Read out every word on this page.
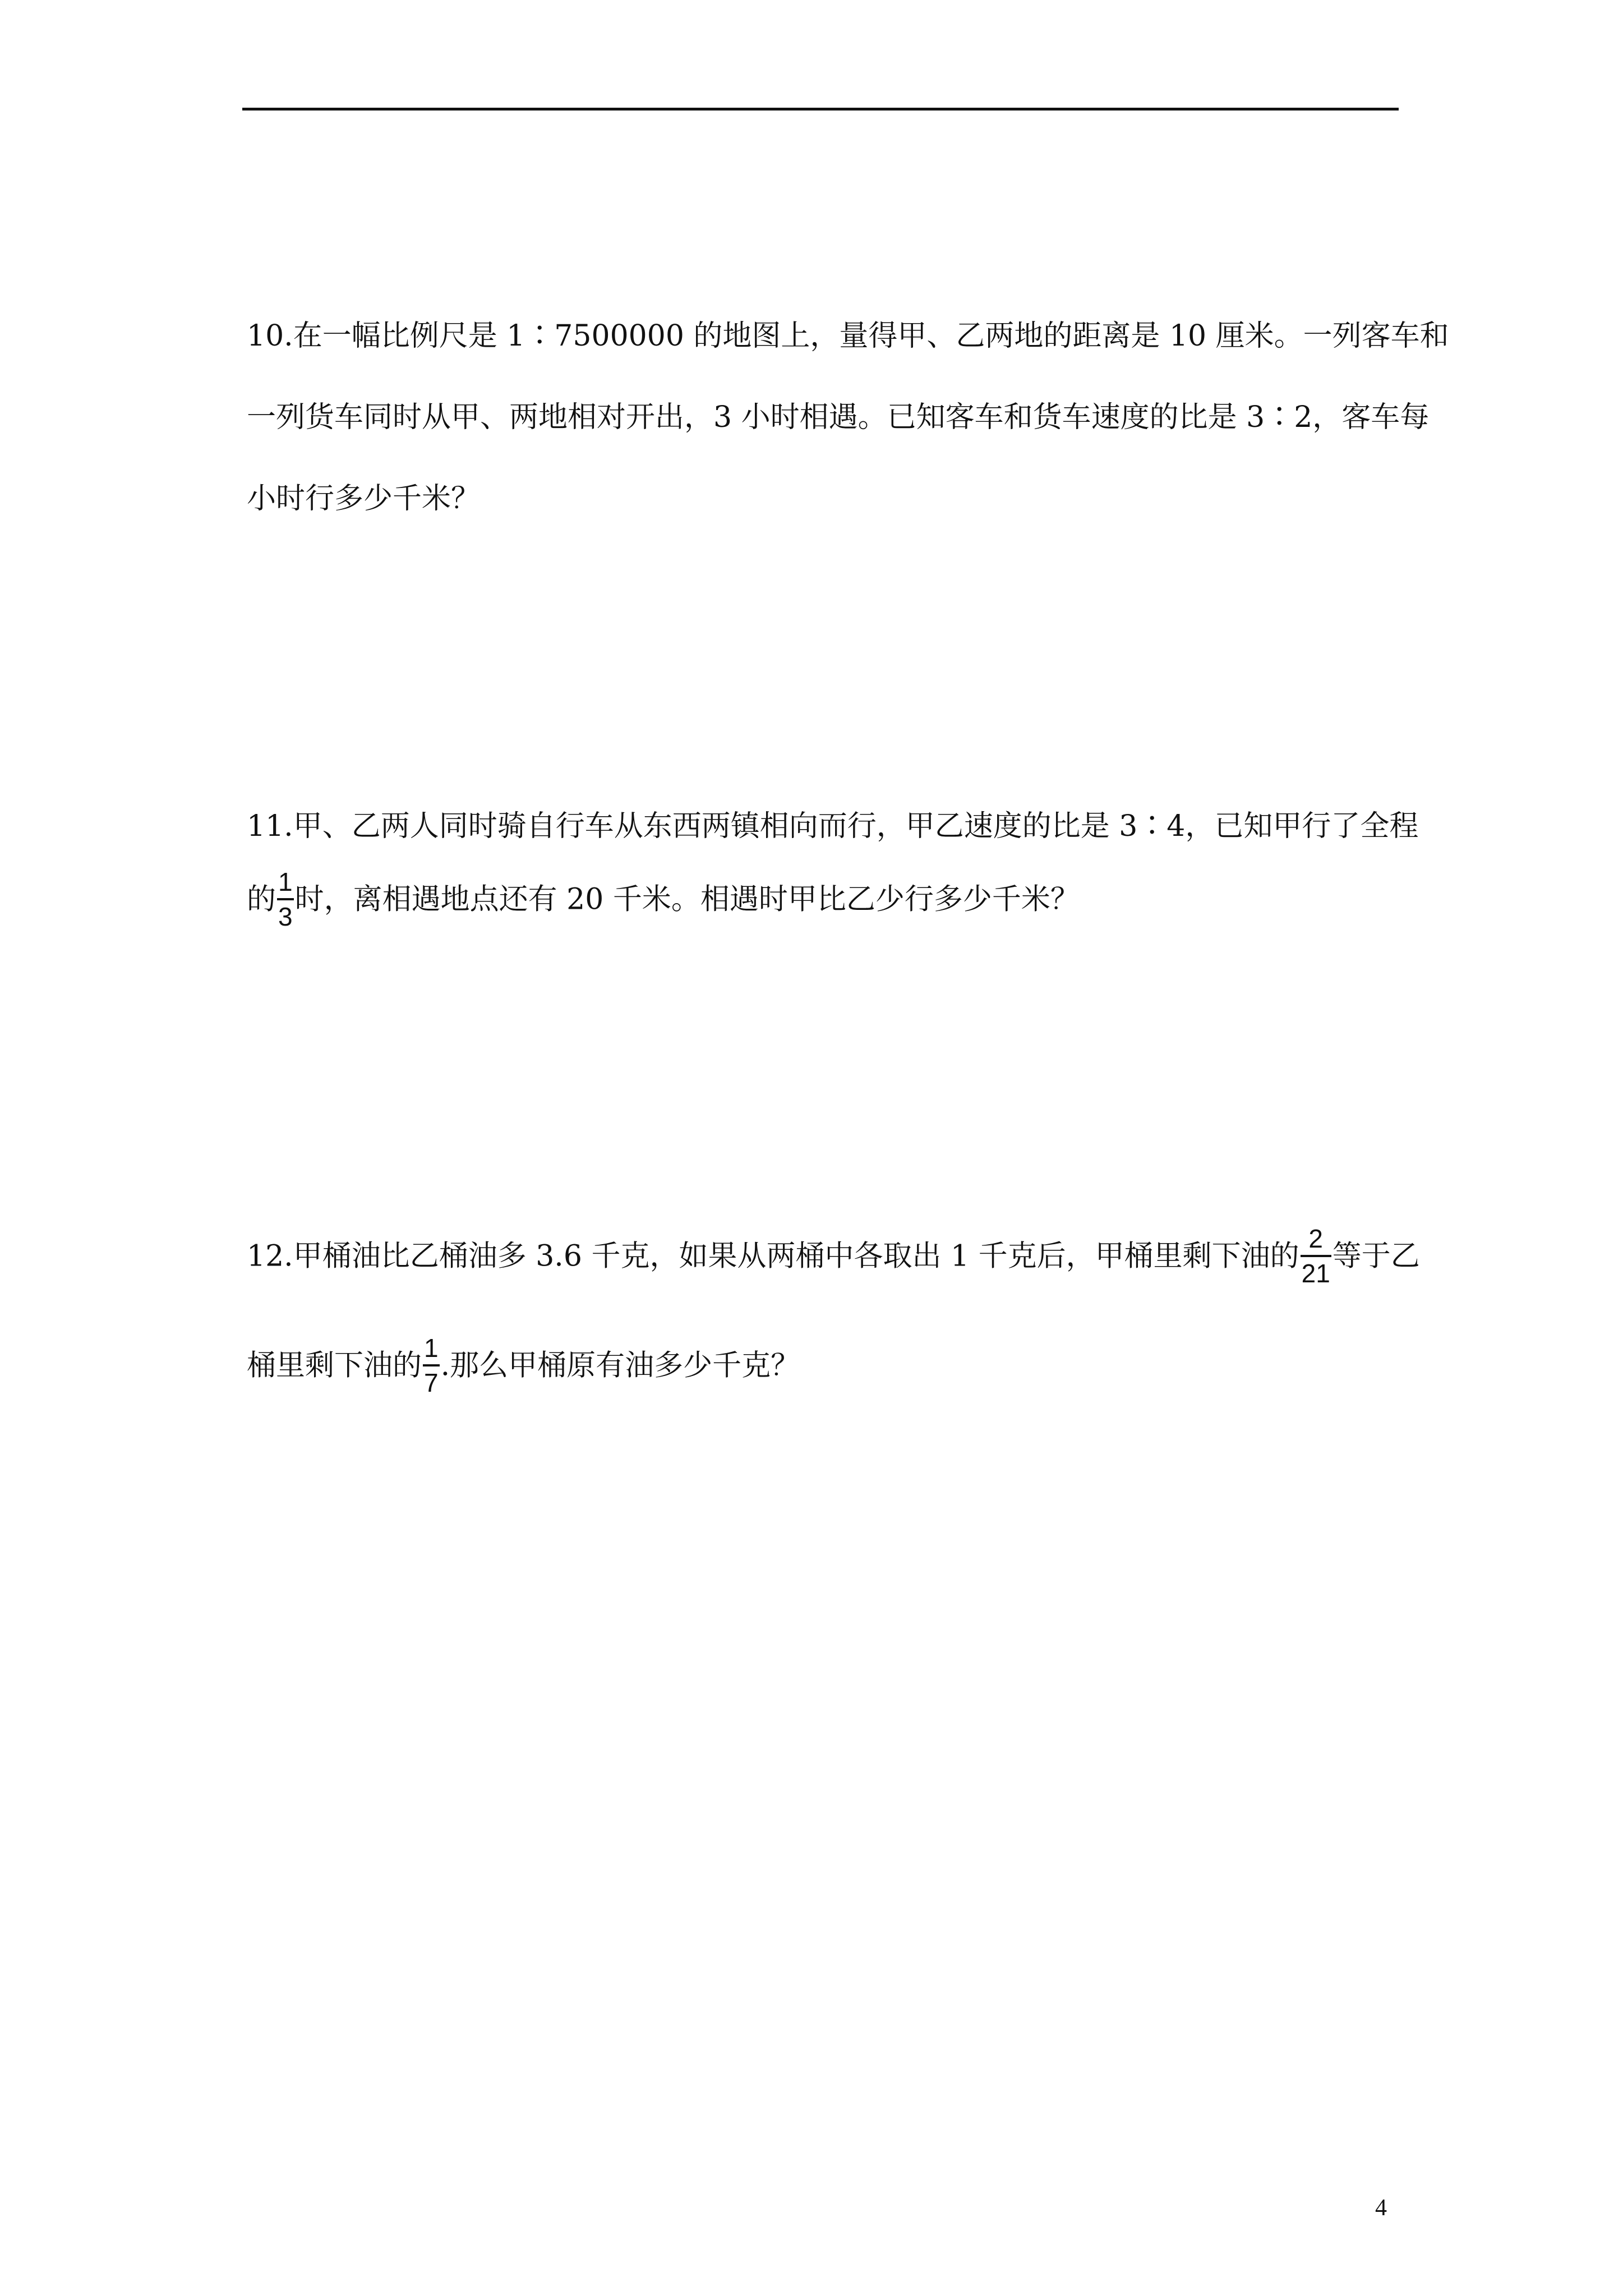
10.在一幅比例尺是 1∶7500000 的地图上，量得甲、乙两地的距离是 10 厘米。一列客车和
一列货车同时从甲、两地相对开出，3 小时相遇。已知客车和货车速度的比是 3∶2，客车每
小时行多少千米？
11.甲、乙两人同时骑自行车从东西两镇相向而行，甲乙速度的比是 3∶4，已知甲行了全程
的 $\frac{1}{3}$ 时，离相遇地点还有 20 千米。相遇时甲比乙少行多少千米？
12.甲桶油比乙桶油多 3.6 千克，如果从两桶中各取出 1 千克后，甲桶里剩下油的 $\frac{2}{21}$ 等于乙
桶里剩下油的 $\frac{1}{7}$ .那么甲桶原有油多少千克？
4
